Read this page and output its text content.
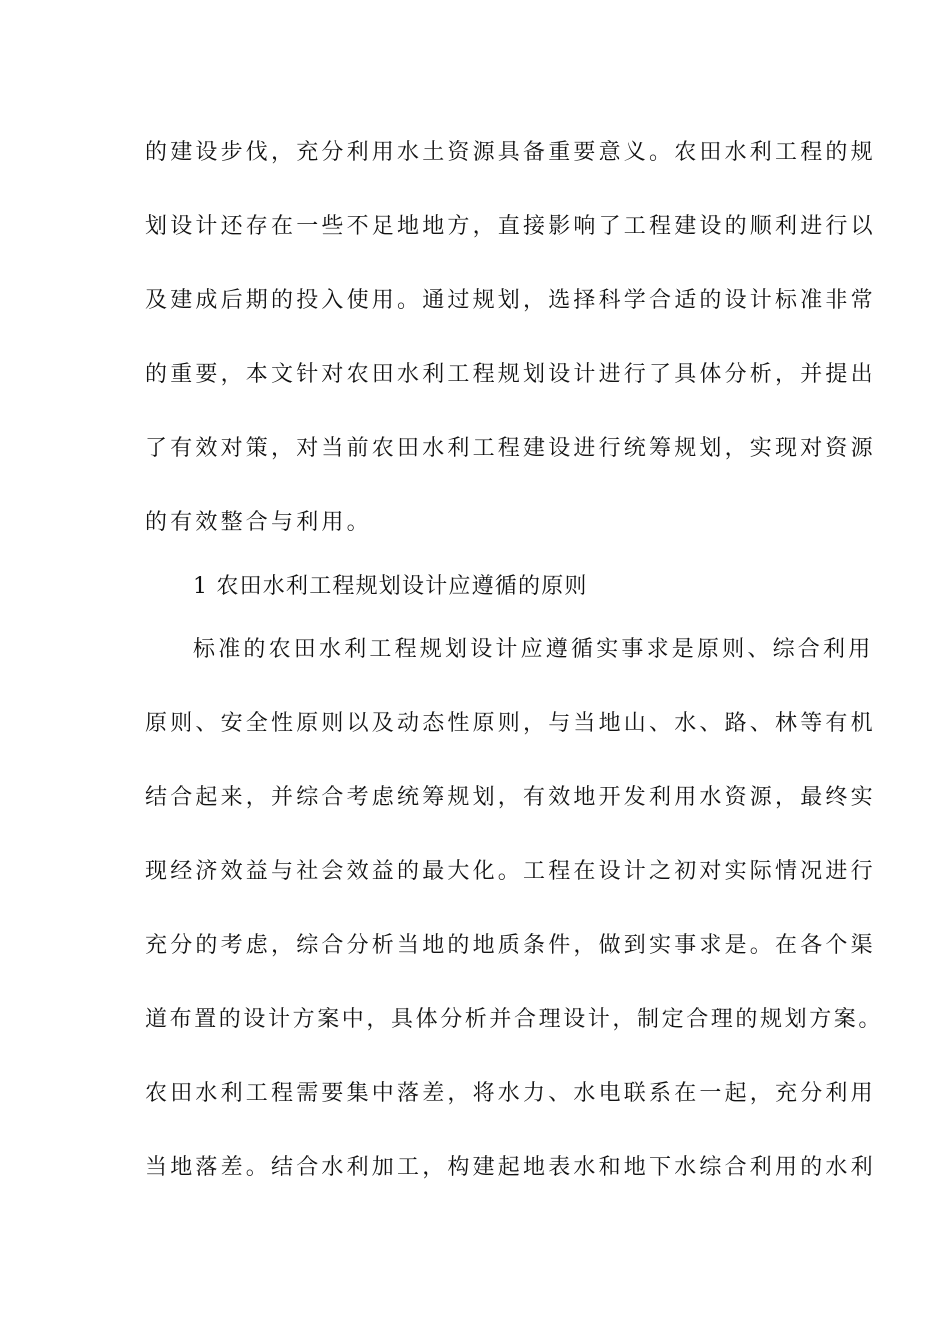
的建设步伐，充分利用水土资源具备重要意义。农田水利工程的规
划设计还存在一些不足地地方，直接影响了工程建设的顺利进行以
及建成后期的投入使用。通过规划，选择科学合适的设计标准非常
的重要，本文针对农田水利工程规划设计进行了具体分析，并提出
了有效对策，对当前农田水利工程建设进行统筹规划，实现对资源
的有效整合与利用。
1 农田水利工程规划设计应遵循的原则
标准的农田水利工程规划设计应遵循实事求是原则、综合利用
原则、安全性原则以及动态性原则，与当地山、水、路、林等有机
结合起来，并综合考虑统筹规划，有效地开发利用水资源，最终实
现经济效益与社会效益的最大化。工程在设计之初对实际情况进行
充分的考虑，综合分析当地的地质条件，做到实事求是。在各个渠
道布置的设计方案中，具体分析并合理设计，制定合理的规划方案。
农田水利工程需要集中落差，将水力、水电联系在一起，充分利用
当地落差。结合水利加工，构建起地表水和地下水综合利用的水利
